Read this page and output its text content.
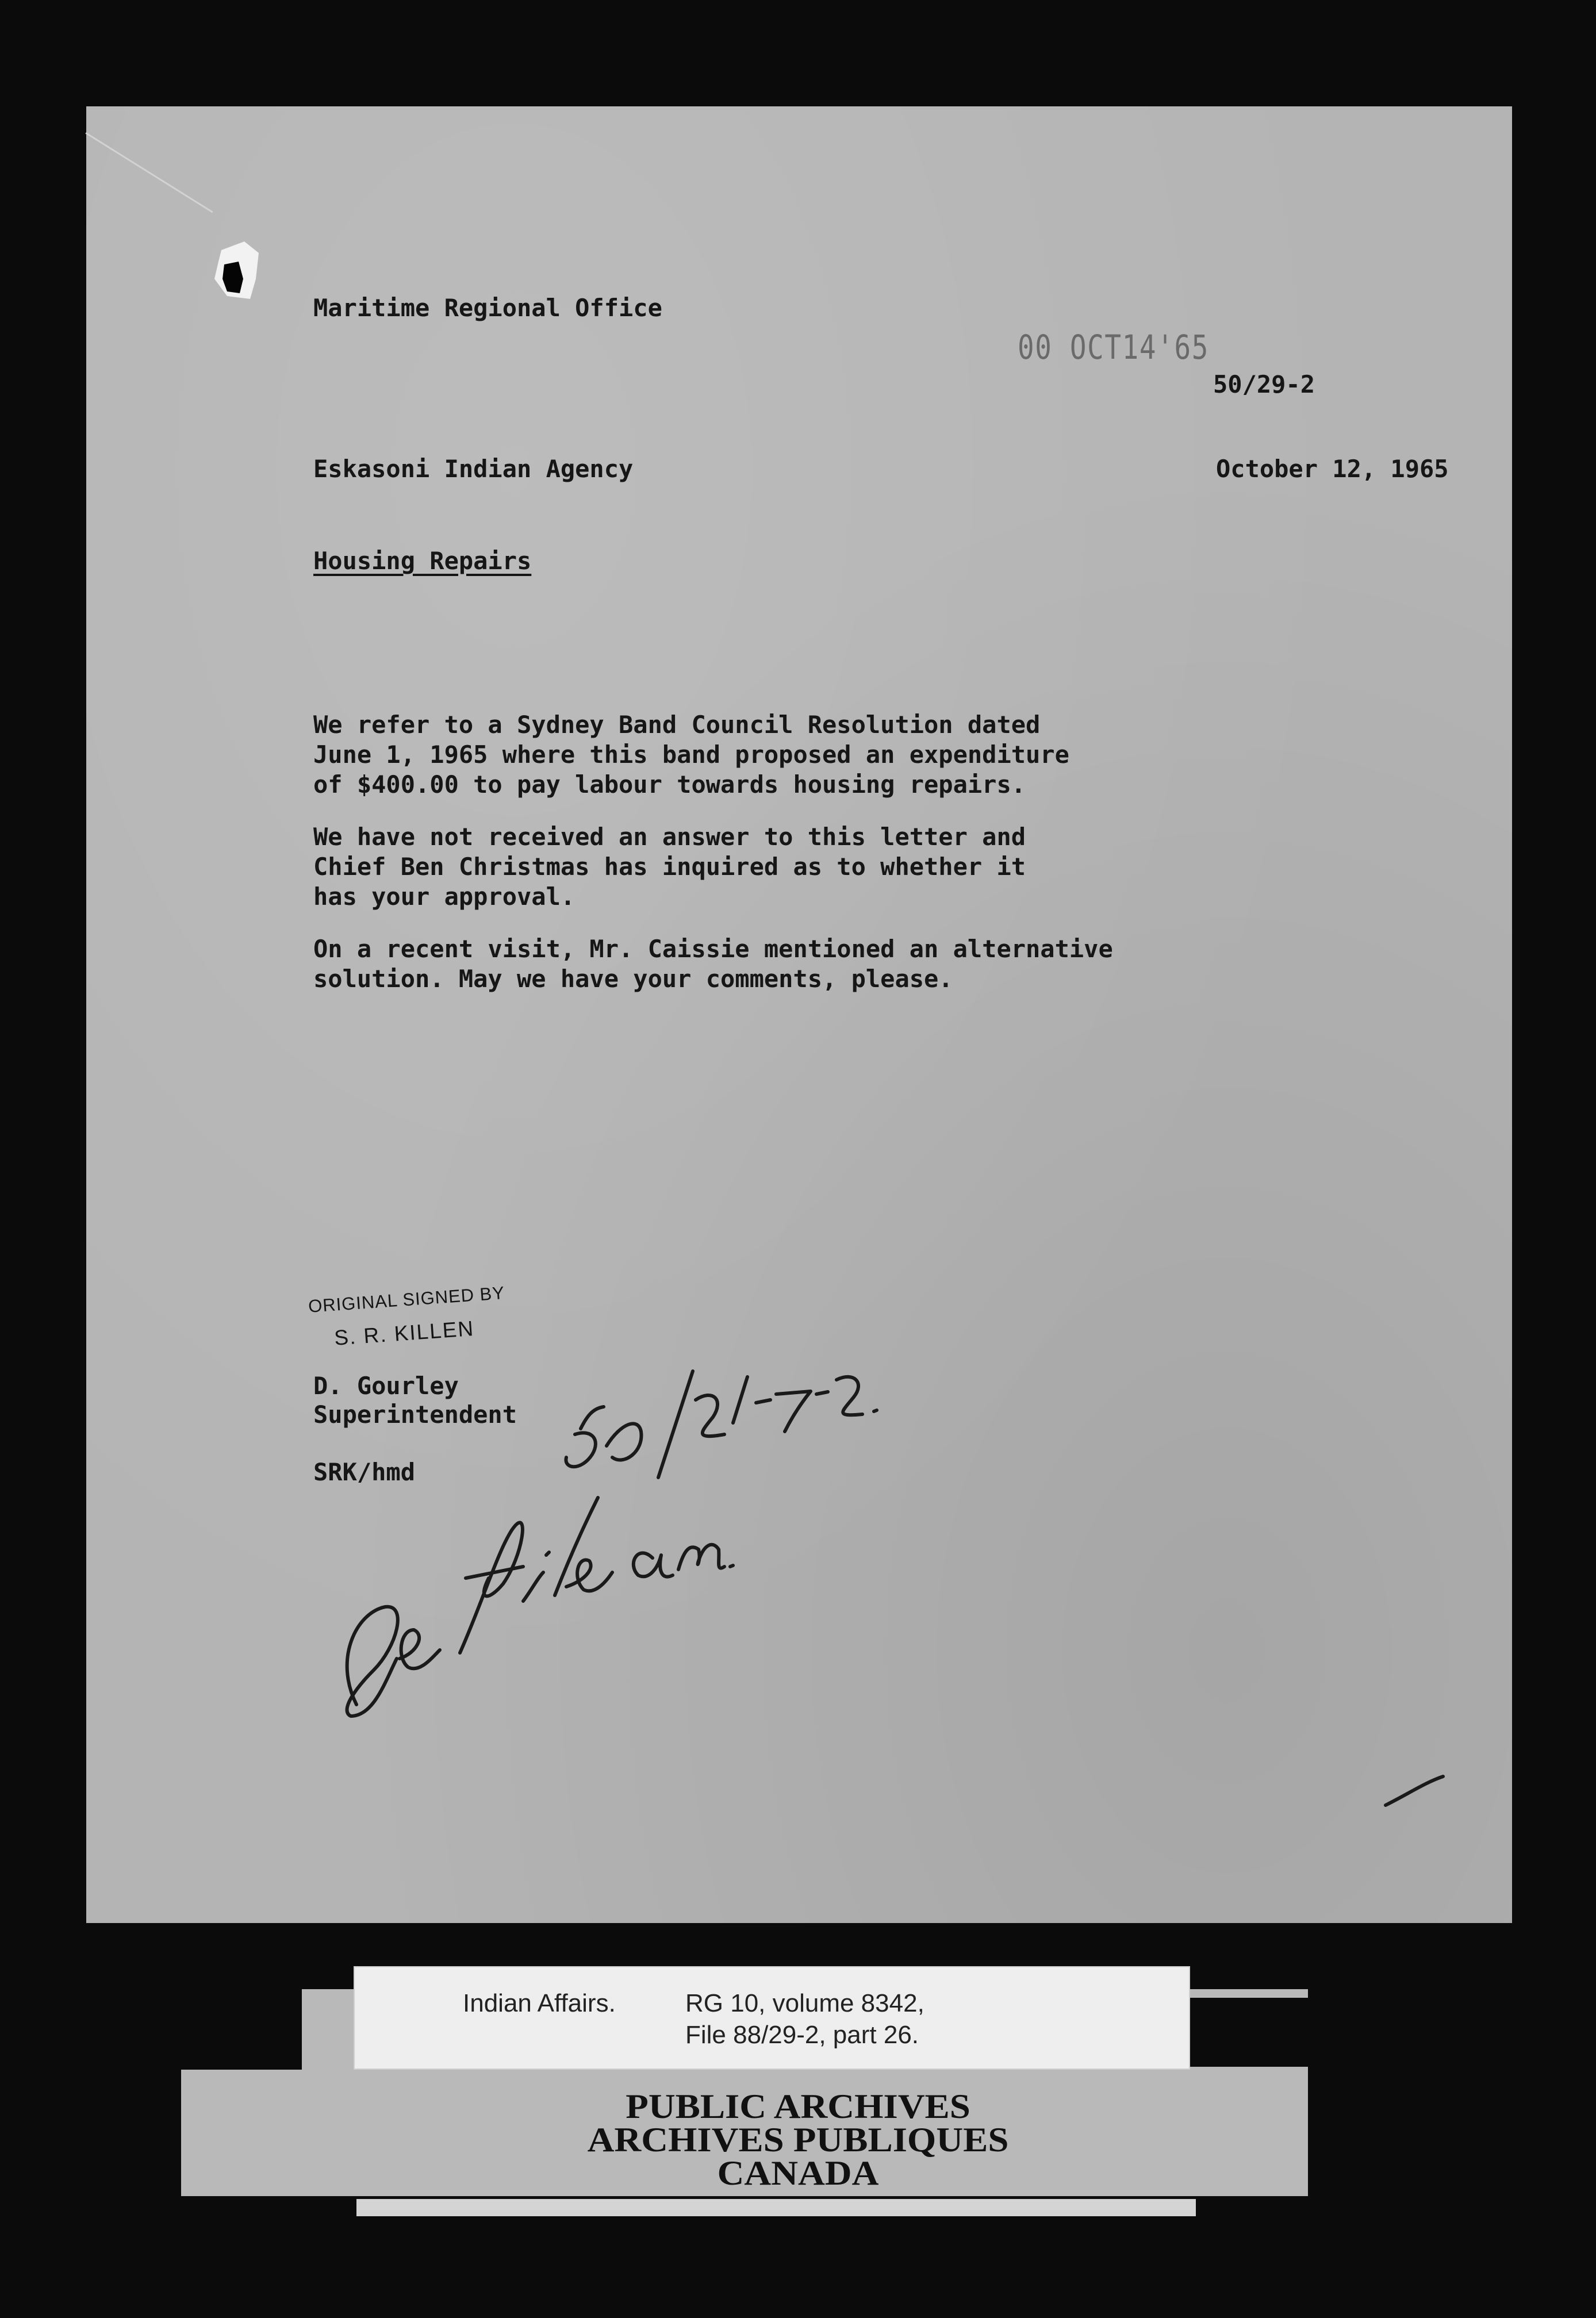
00 OCT14'65
Maritime Regional Office
50/29-2
Eskasoni Indian Agency	October 12, 1965
Housing Repairs
We refer to a Sydney Band Council Resolution dated
June 1, 1965 where this band proposed an expenditure
of $400.00 to pay labour towards housing repairs.
We have not received an answer to this letter and
Chief Ben Christmas has inquired as to whether it
has your approval.
On a recent visit, Mr. Caissie mentioned an alternative
solution. May we have your comments, please.
ORIGINAL SIGNED BY
S. R. KILLEN
D. Gourley
Superintendent
SRK/hmd
Indian Affairs.	RG 10, volume 8342,
File 88/29-2, part 26.
PUBLIC ARCHIVES
ARCHIVES PUBLIQUES
CANADA
